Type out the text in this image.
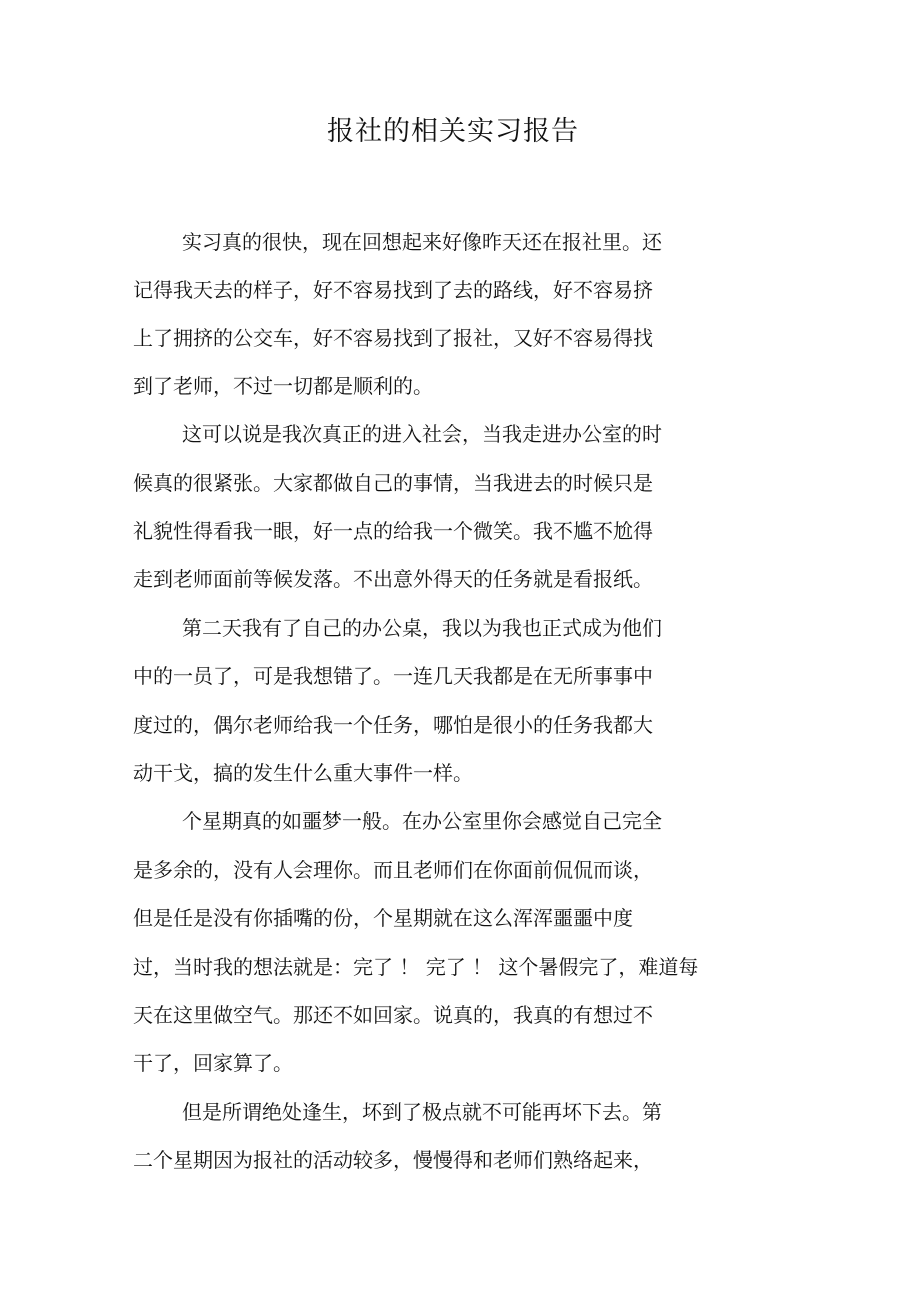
报社的相关实习报告

实习真的很快，现在回想起来好像昨天还在报社里。还

记得我天去的样子，好不容易找到了去的路线，好不容易挤

上了拥挤的公交车，好不容易找到了报社，又好不容易得找

到了老师，不过一切都是顺利的。

这可以说是我次真正的进入社会，当我走进办公室的时

候真的很紧张。大家都做自己的事情，当我进去的时候只是

礼貌性得看我一眼，好一点的给我一个微笑。我不尴不尬得

走到老师面前等候发落。不出意外得天的任务就是看报纸。

第二天我有了自己的办公桌，我以为我也正式成为他们

中的一员了，可是我想错了。一连几天我都是在无所事事中

度过的，偶尔老师给我一个任务，哪怕是很小的任务我都大

动干戈，搞的发生什么重大事件一样。

个星期真的如噩梦一般。在办公室里你会感觉自己完全

是多余的，没有人会理你。而且老师们在你面前侃侃而谈，

但是任是没有你插嘴的份，个星期就在这么浑浑噩噩中度

过，当时我的想法就是：完了 ！ 完了 ！ 这个暑假完了，难道每

天在这里做空气。那还不如回家。说真的，我真的有想过不

干了，回家算了。

但是所谓绝处逢生，坏到了极点就不可能再坏下去。第

二个星期因为报社的活动较多，慢慢得和老师们熟络起来，
